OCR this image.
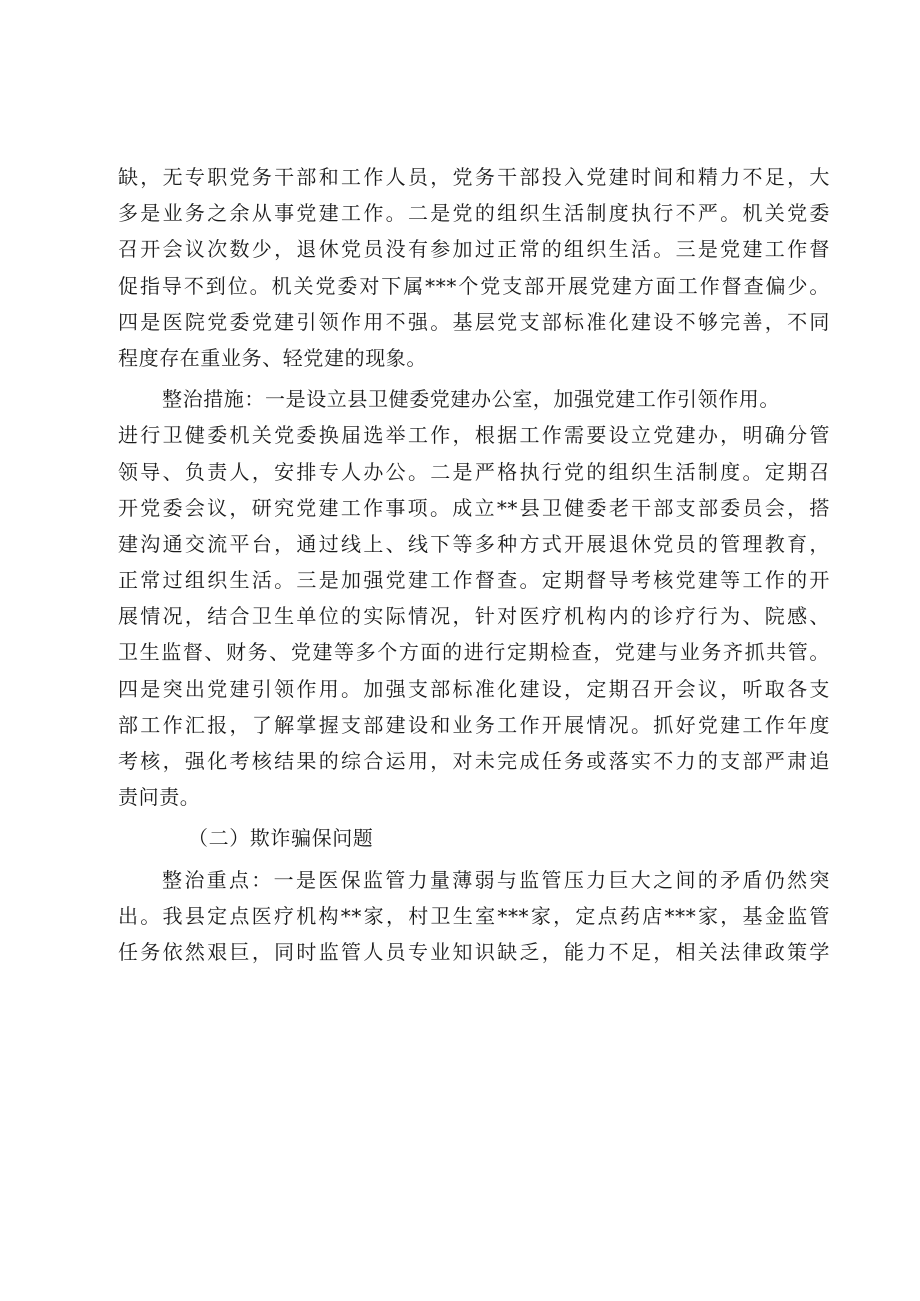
缺，无专职党务干部和工作人员，党务干部投入党建时间和精力不足，大
多是业务之余从事党建工作。二是党的组织生活制度执行不严。机关党委
召开会议次数少，退休党员没有参加过正常的组织生活。三是党建工作督
促指导不到位。机关党委对下属***个党支部开展党建方面工作督查偏少。
四是医院党委党建引领作用不强。基层党支部标准化建设不够完善，不同
程度存在重业务、轻党建的现象。
整治措施：一是设立县卫健委党建办公室，加强党建工作引领作用。
进行卫健委机关党委换届选举工作，根据工作需要设立党建办，明确分管
领导、负责人，安排专人办公。二是严格执行党的组织生活制度。定期召
开党委会议，研究党建工作事项。成立**县卫健委老干部支部委员会，搭
建沟通交流平台，通过线上、线下等多种方式开展退休党员的管理教育，
正常过组织生活。三是加强党建工作督查。定期督导考核党建等工作的开
展情况，结合卫生单位的实际情况，针对医疗机构内的诊疗行为、院感、
卫生监督、财务、党建等多个方面的进行定期检查，党建与业务齐抓共管。
四是突出党建引领作用。加强支部标准化建设，定期召开会议，听取各支
部工作汇报，了解掌握支部建设和业务工作开展情况。抓好党建工作年度
考核，强化考核结果的综合运用，对未完成任务或落实不力的支部严肃追
责问责。
（二）欺诈骗保问题
整治重点：一是医保监管力量薄弱与监管压力巨大之间的矛盾仍然突
出。我县定点医疗机构**家，村卫生室***家，定点药店***家，基金监管
任务依然艰巨，同时监管人员专业知识缺乏，能力不足，相关法律政策学
